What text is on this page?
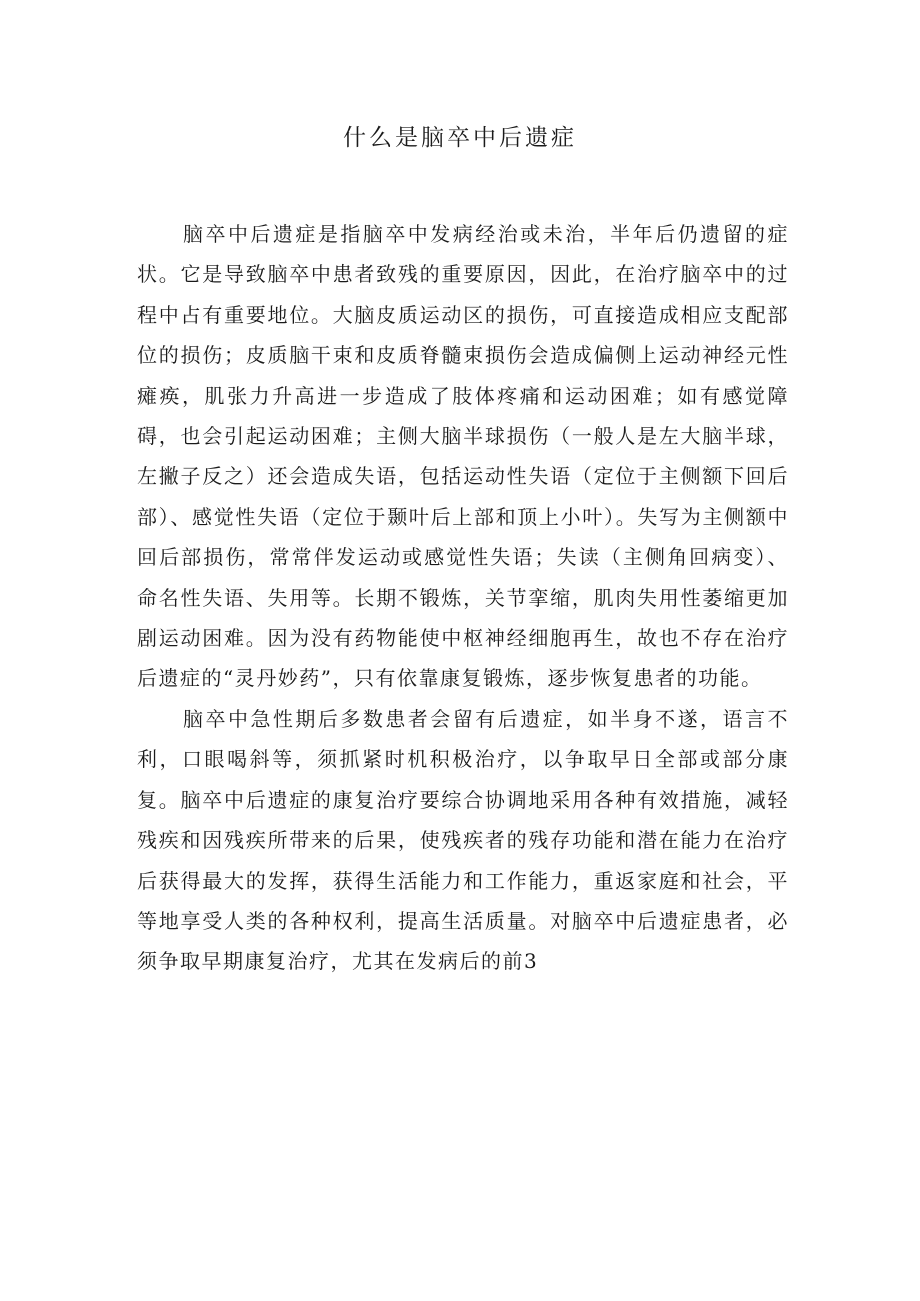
什么是脑卒中后遗症

脑卒中后遗症是指脑卒中发病经治或未治，半年后仍遗留的症状。它是导致脑卒中患者致残的重要原因，因此，在治疗脑卒中的过程中占有重要地位。大脑皮质运动区的损伤，可直接造成相应支配部位的损伤；皮质脑干束和皮质脊髓束损伤会造成偏侧上运动神经元性瘫痪，肌张力升高进一步造成了肢体疼痛和运动困难；如有感觉障碍，也会引起运动困难；主侧大脑半球损伤（一般人是左大脑半球，左撇子反之）还会造成失语，包括运动性失语（定位于主侧额下回后部）、感觉性失语（定位于颞叶后上部和顶上小叶）。失写为主侧额中回后部损伤，常常伴发运动或感觉性失语；失读（主侧角回病变）、命名性失语、失用等。长期不锻炼，关节挛缩，肌肉失用性萎缩更加剧运动困难。因为没有药物能使中枢神经细胞再生，故也不存在治疗后遗症的“灵丹妙药”，只有依靠康复锻炼，逐步恢复患者的功能。

脑卒中急性期后多数患者会留有后遗症，如半身不遂，语言不利，口眼喝斜等，须抓紧时机积极治疗，以争取早日全部或部分康复。脑卒中后遗症的康复治疗要综合协调地采用各种有效措施，减轻残疾和因残疾所带来的后果，使残疾者的残存功能和潜在能力在治疗后获得最大的发挥，获得生活能力和工作能力，重返家庭和社会，平等地享受人类的各种权利，提高生活质量。对脑卒中后遗症患者，必须争取早期康复治疗，尤其在发病后的前3
